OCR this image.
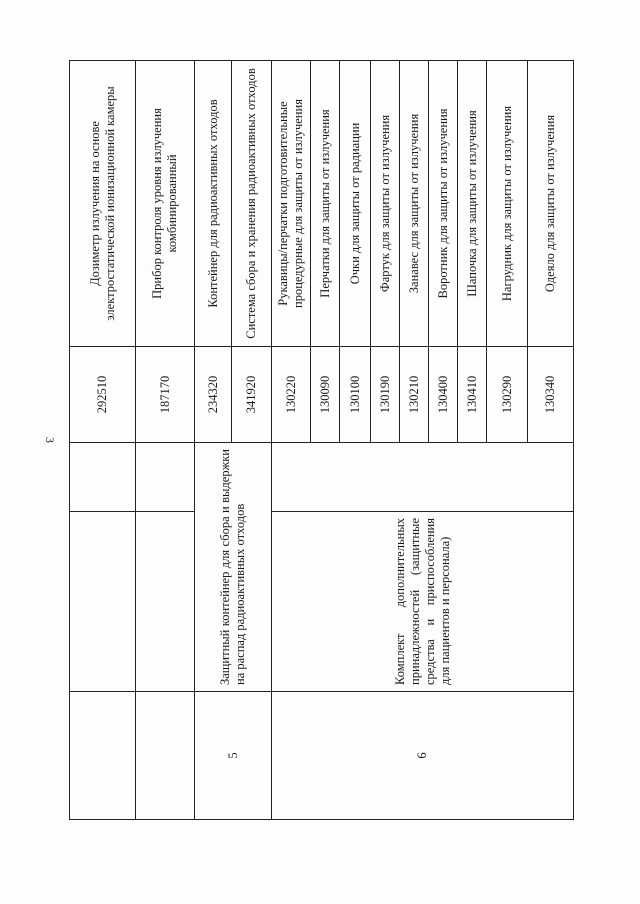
3
			292510	Дозиметр излучения на основе электростатической ионизационной камеры
			187170	Прибор контроля уровня излучения комбинированный
5	Защитный контейнер для сбора и выдержки на распад радиоактивных отходов		234320	Контейнер для радиоактивных отходов
			341920	Система сбора и хранения радиоактивных отходов
6	Комплект дополнительных принадлежностей (защитные средства и приспособления для пациентов и персонала)		130220	Рукавицы/перчатки подготовительные процедурные для защиты от излучения
			130090	Перчатки для защиты от излучения
			130100	Очки для защиты от радиации
			130190	Фартук для защиты от излучения
			130210	Занавес для защиты от излучения
			130400	Воротник для защиты от излучения
			130410	Шапочка для защиты от излучения
			130290	Нагрудник для защиты от излучения
			130340	Одеяло для защиты от излучения
